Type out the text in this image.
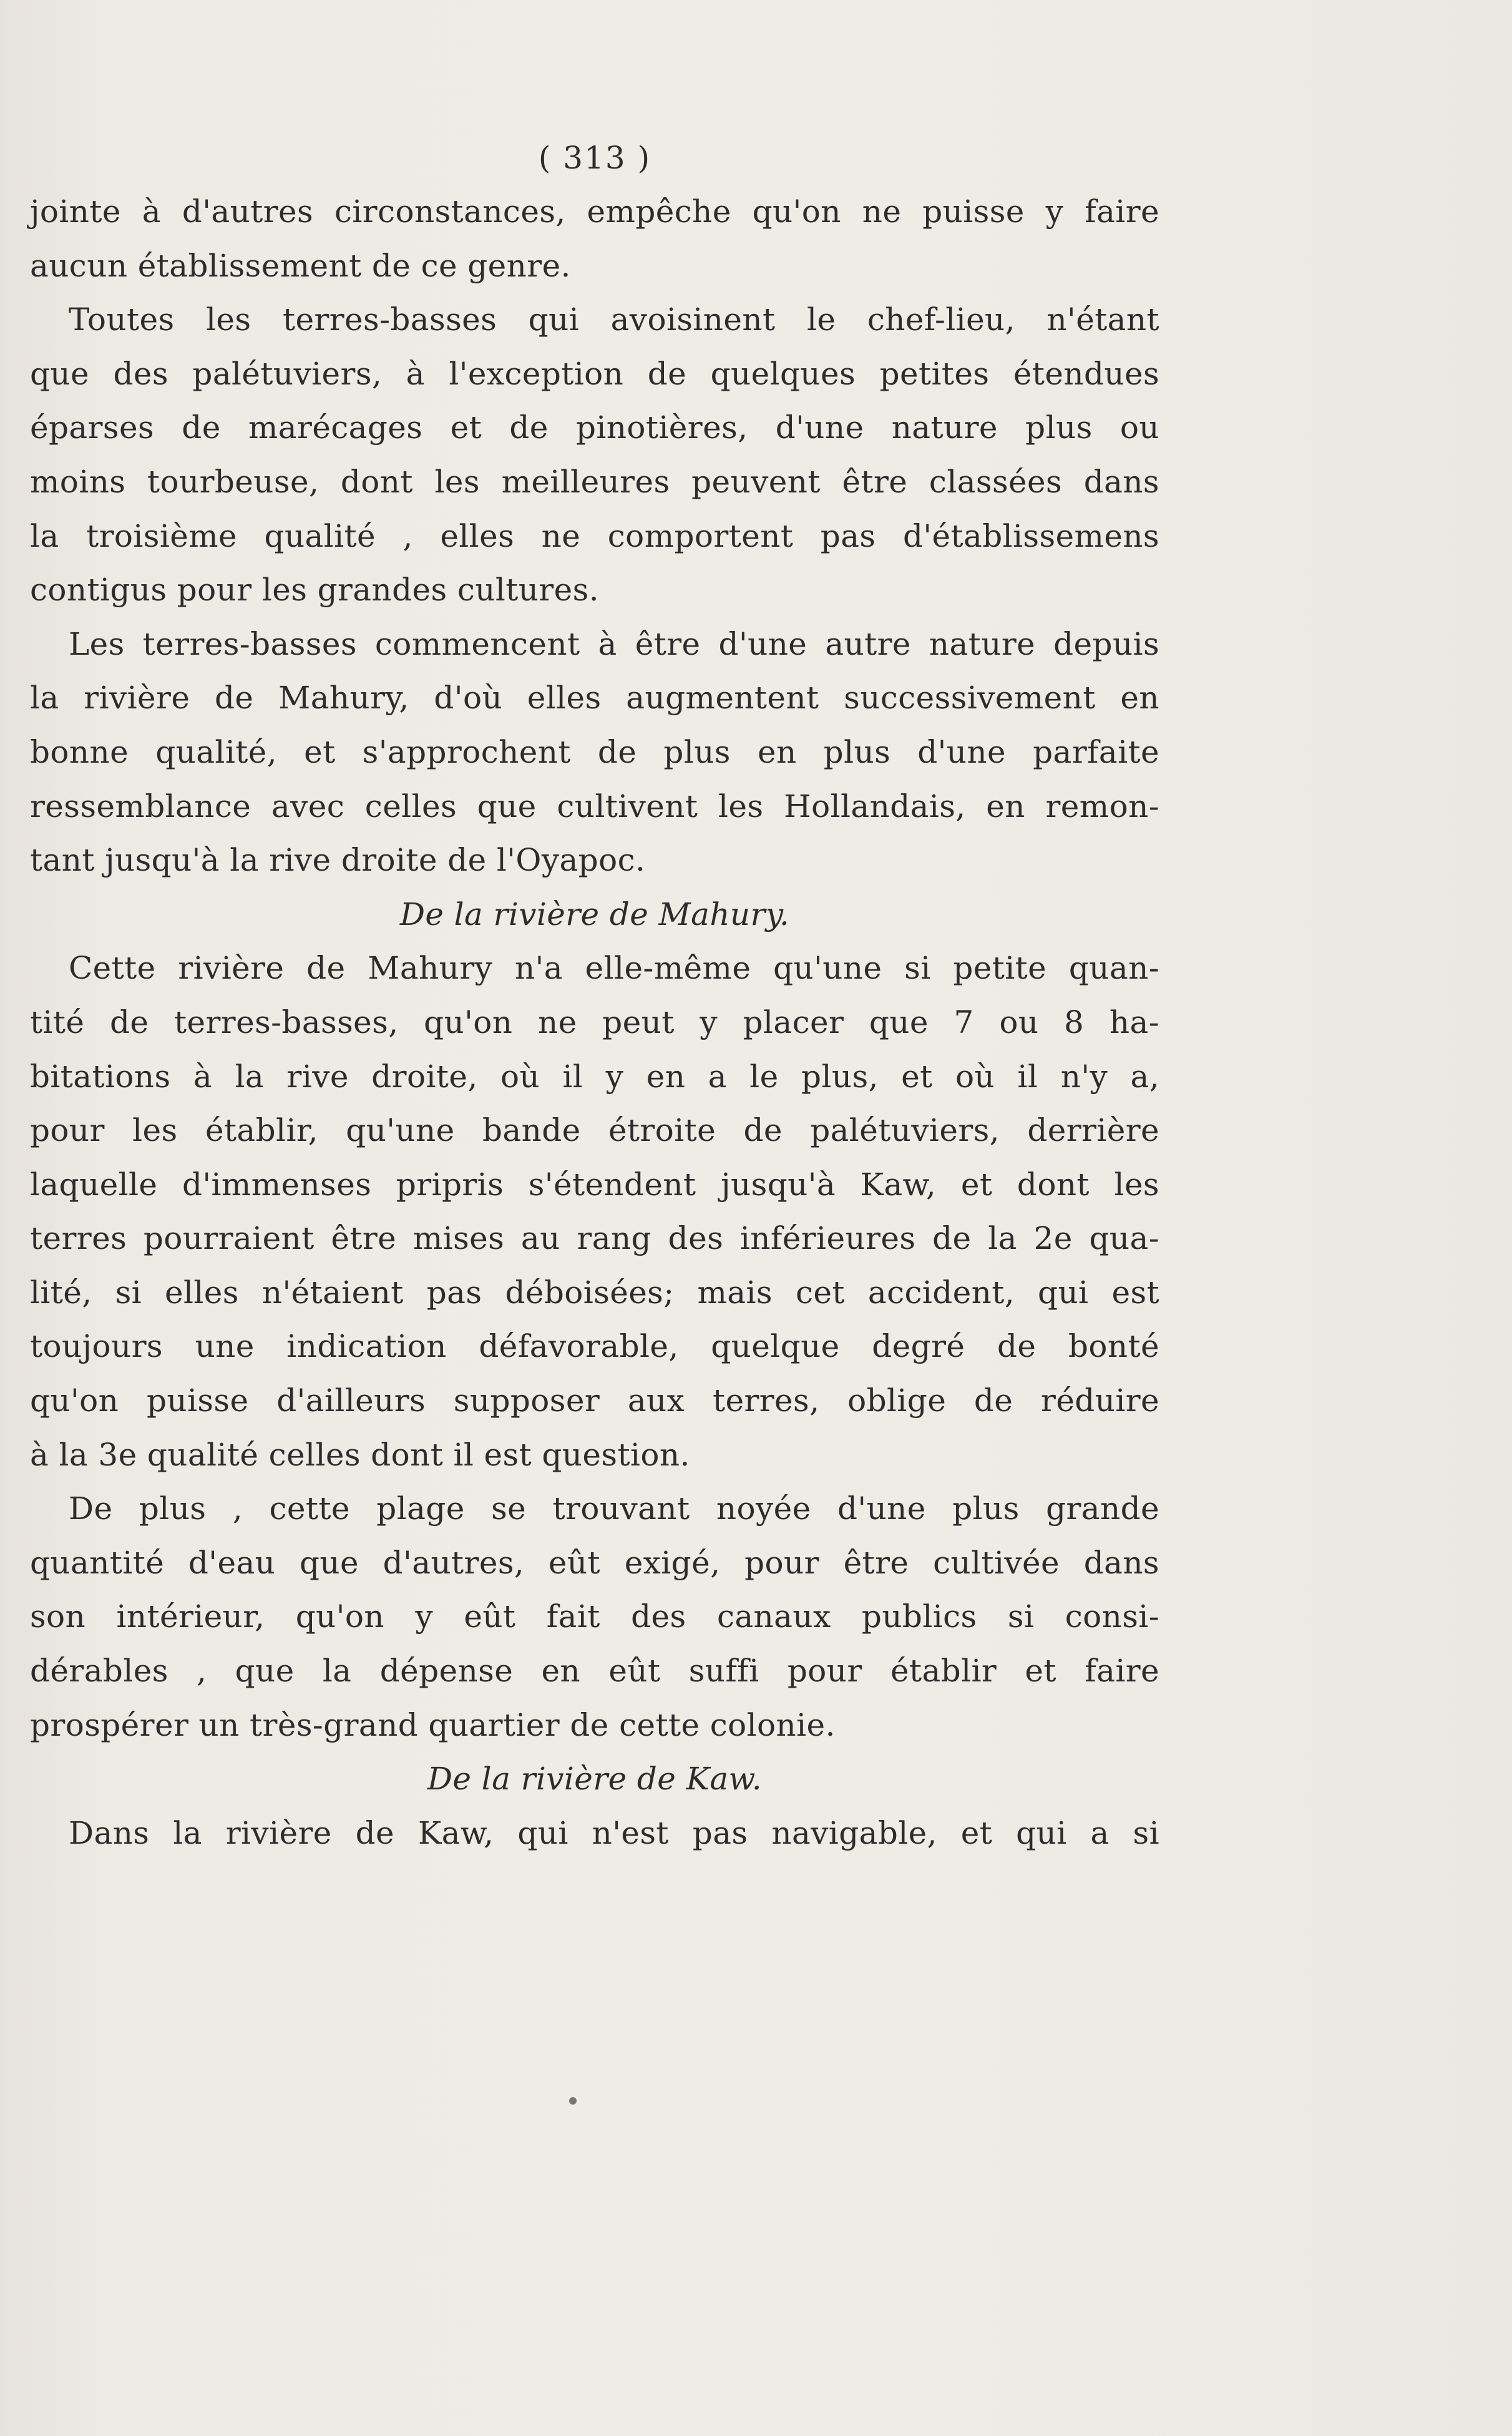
( 313 )
jointe à d'autres circonstances, empêche qu'on ne puisse y faire
aucun établissement de ce genre.
Toutes les terres-basses qui avoisinent le chef-lieu, n'étant
que des palétuviers, à l'exception de quelques petites étendues
éparses de marécages et de pinotières, d'une nature plus ou
moins tourbeuse, dont les meilleures peuvent être classées dans
la troisième qualité , elles ne comportent pas d'établissemens
contigus pour les grandes cultures.
Les terres-basses commencent à être d'une autre nature depuis
la rivière de Mahury, d'où elles augmentent successivement en
bonne qualité, et s'approchent de plus en plus d'une parfaite
ressemblance avec celles que cultivent les Hollandais, en remon-
tant jusqu'à la rive droite de l'Oyapoc.
De la rivière de Mahury.
Cette rivière de Mahury n'a elle-même qu'une si petite quan-
tité de terres-basses, qu'on ne peut y placer que 7 ou 8 ha-
bitations à la rive droite, où il y en a le plus, et où il n'y a,
pour les établir, qu'une bande étroite de palétuviers, derrière
laquelle d'immenses pripris s'étendent jusqu'à Kaw, et dont les
terres pourraient être mises au rang des inférieures de la 2e qua-
lité, si elles n'étaient pas déboisées; mais cet accident, qui est
toujours une indication défavorable, quelque degré de bonté
qu'on puisse d'ailleurs supposer aux terres, oblige de réduire
à la 3e qualité celles dont il est question.
De plus , cette plage se trouvant noyée d'une plus grande
quantité d'eau que d'autres, eût exigé, pour être cultivée dans
son intérieur, qu'on y eût fait des canaux publics si consi-
dérables , que la dépense en eût suffi pour établir et faire
prospérer un très-grand quartier de cette colonie.
De la rivière de Kaw.
Dans la rivière de Kaw, qui n'est pas navigable, et qui a si
